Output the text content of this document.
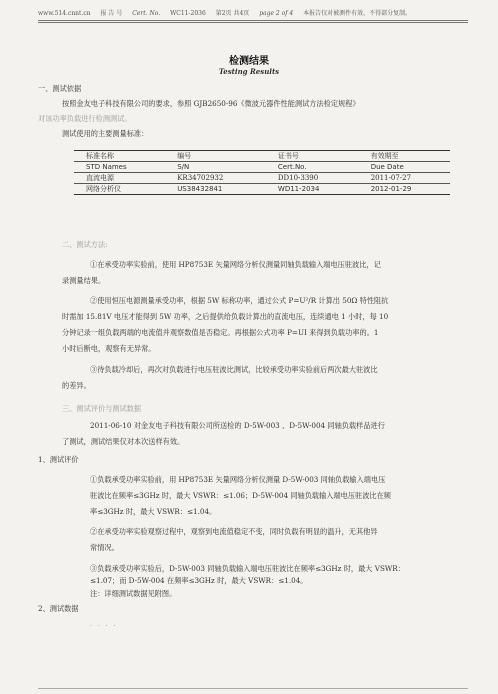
www.514.cnnt.cn 报 告 号 Cert. No. WC11-2036 第2页 共4页 page 2 of 4 本报告仅对被测件有效，不得部分复制。
检测结果
Testing Results
一、测试依据
按照金友电子科技有限公司的要求，参照 GJB2650-96《微波元器件性能测试方法检定规程》
对该功率负载进行检测测试。
测试使用的主要测量标准：
标准名称	编号	证书号	有效期至
STD Names	S/N	Cert.No.	Due Date
直流电源	KR34702932	DD10-3390	2011-07-27
网络分析仪	US38432841	WD11-2034	2012-01-29
二、测试方法:
①在承受功率实验前，使用 HP8753E 矢量网络分析仪测量同轴负载输入端电压驻波比，记
录测量结果。
②使用恒压电源测量承受功率，根据 5W 标称功率，通过公式 P=U²/R 计算出 50Ω 特性阻抗
时需加 15.81V 电压才能得到 5W 功率，之后提供给负载计算出的直流电压，连续通电 1 小时，每 10
分钟记录一组负载两端的电流值并观察数值是否稳定。再根据公式功率 P=UI 来得到负载功率的。1
小时后断电，观察有无异常。
③待负载冷却后，再次对负载进行电压驻波比测试，比较承受功率实验前后两次最大驻波比
的差异。
三、测试评价与测试数据
2011-06-10 对金友电子科技有限公司所送检的 D-5W-003 、D-5W-004 同轴负载样品进行
了测试，测试结果仅对本次送样有效。
1、测试评价
①负载承受功率实验前，用 HP8753E 矢量网络分析仪测量 D-5W-003 同轴负载输入端电压
驻波比在频率≤3GHz 时，最大 VSWR：≤1.06；D-5W-004 同轴负载输入端电压驻波比在频
率≤3GHz 时，最大 VSWR：≤1.04。
②在承受功率实验观察过程中，观察到电流值稳定不变，同时负载有明显的温升，无其他异
常情况。
③负载承受功率实验后，D-5W-003 同轴负载输入端电压驻波比在频率≤3GHz 时，最大 VSWR：
≤1.07；而 D-5W-004 在频率≤3GHz 时，最大 VSWR：≤1.04。
注：详细测试数据见附图。
2、测试数据
· · · ·
